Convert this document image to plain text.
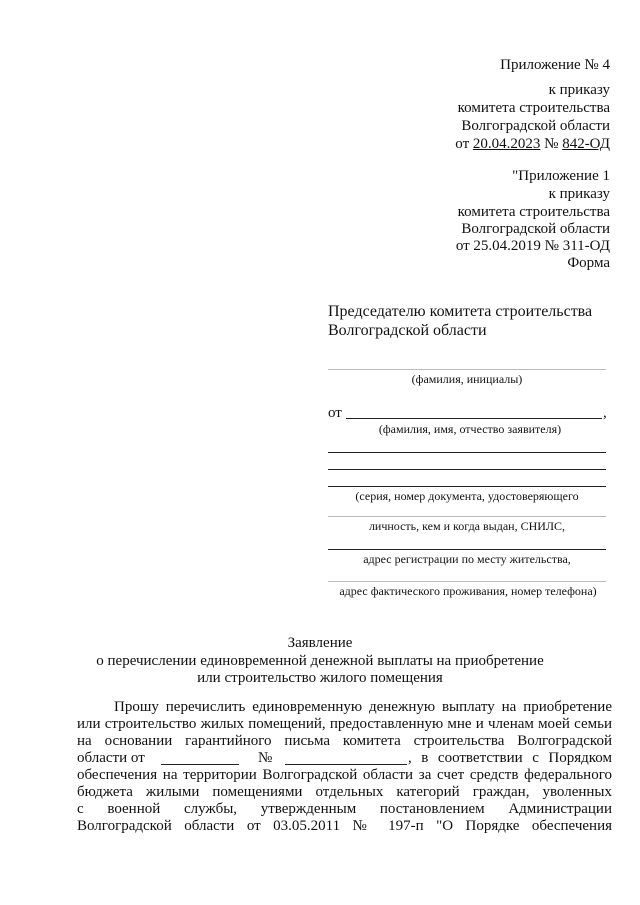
Приложение № 4
к приказу
комитета строительства
Волгоградской области
от 20.04.2023 № 842-ОД
"Приложение 1
к приказу
комитета строительства
Волгоградской области
от 25.04.2019 № 311-ОД
Форма
Председателю комитета строительства
Волгоградской области
(фамилия, инициалы)
от	,
(фамилия, имя, отчество заявителя)
(серия, номер документа, удостоверяющего
личность, кем и когда выдан, СНИЛС,
адрес регистрации по месту жительства,
адрес фактического проживания, номер телефона)
Заявление
о перечислении единовременной денежной выплаты на приобретение
или строительство жилого помещения
Прошу перечислить единовременную денежную выплату на приобретение
или строительство жилых помещений, предоставленную мне и членам моей семьи
на основании гарантийного письма комитета строительства Волгоградской
области от	№	, в соответствии с Порядком
обеспечения на территории Волгоградской области за счет средств федерального
бюджета жилыми помещениями отдельных категорий граждан, уволенных
с военной службы, утвержденным постановлением Администрации
Волгоградской области от 03.05.2011 № 197-п "О Порядке обеспечения
